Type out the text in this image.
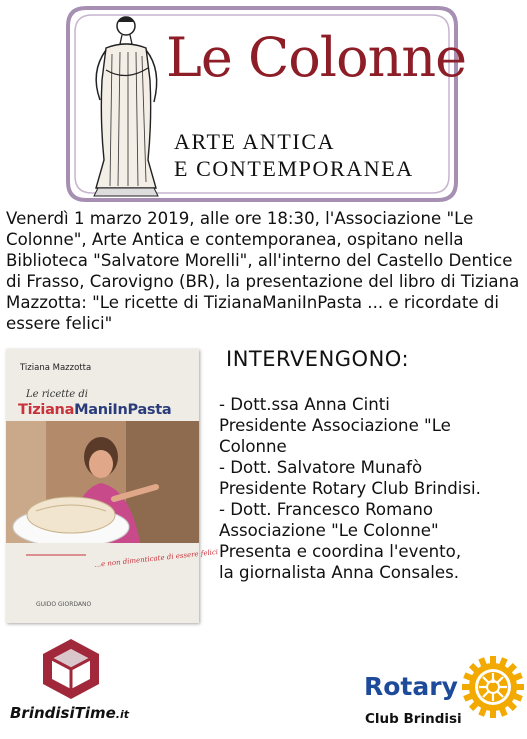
Le Colonne
ARTE ANTICA
E CONTEMPORANEA
Venerdì 1 marzo 2019, alle ore 18:30, l'Associazione "Le Colonne", Arte Antica e contemporanea, ospitano nella Biblioteca "Salvatore Morelli", all'interno del Castello Dentice di Frasso, Carovigno (BR), la presentazione del libro di Tiziana Mazzotta: "Le ricette di TizianaManiInPasta ... e ricordate di essere felici"
Tiziana Mazzotta
Le ricette di
TizianaManiInPasta
...e non dimenticate di essere felici
GUIDO GIORDANO
INTERVENGONO:
- Dott.ssa Anna Cinti
Presidente Associazione "Le Colonne
- Dott. Salvatore Munafò
Presidente Rotary Club Brindisi.
- Dott. Francesco Romano
Associazione "Le Colonne"
Presenta e coordina l'evento,
la giornalista Anna Consales.
BrindisiTime.it
Rotary
Club Brindisi
